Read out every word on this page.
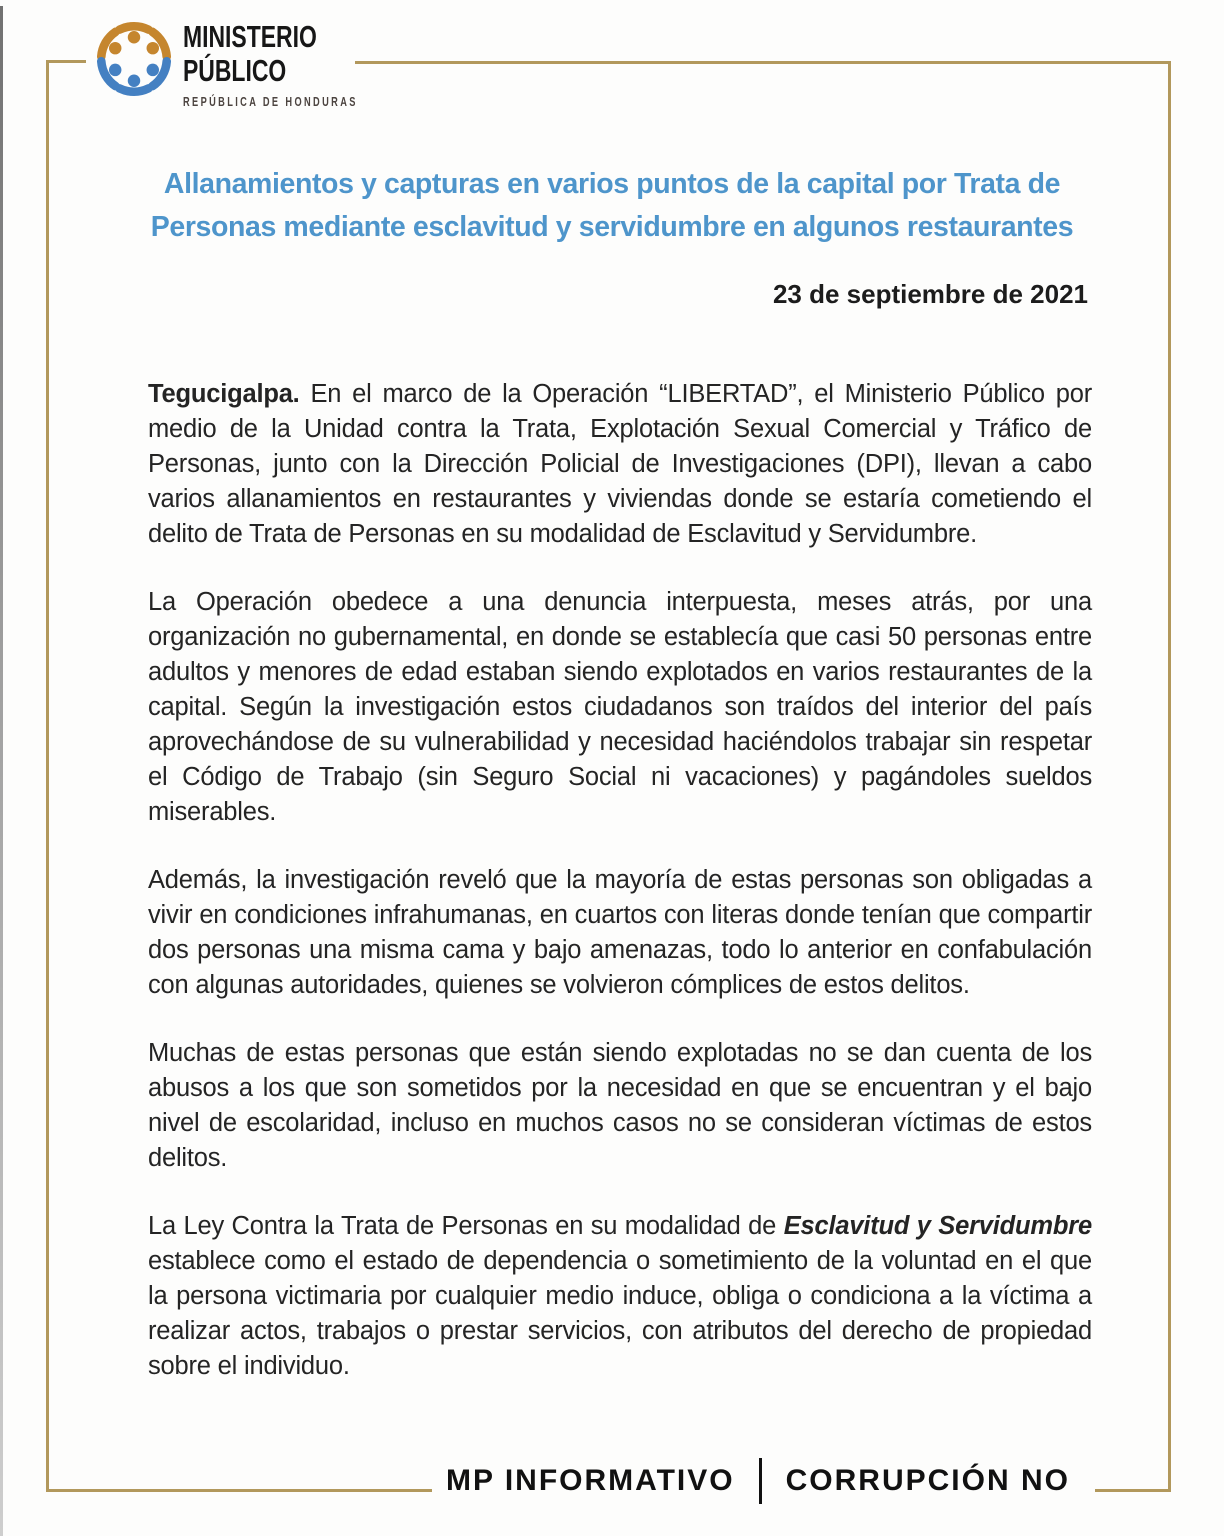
MINISTERIO
PÚBLICO
REPÚBLICA DE HONDURAS
Allanamientos y capturas en varios puntos de la capital por Trata de
Personas mediante esclavitud y servidumbre en algunos restaurantes
23 de septiembre de 2021

Tegucigalpa. En el marco de la Operación “LIBERTAD”, el Ministerio Público por medio de la Unidad contra la Trata, Explotación Sexual Comercial y Tráfico de Personas, junto con la Dirección Policial de Investigaciones (DPI), llevan a cabo varios allanamientos en restaurantes y viviendas donde se estaría cometiendo el delito de Trata de Personas en su modalidad de Esclavitud y Servidumbre.

La Operación obedece a una denuncia interpuesta, meses atrás, por una organización no gubernamental, en donde se establecía que casi 50 personas entre adultos y menores de edad estaban siendo explotados en varios restaurantes de la capital. Según la investigación estos ciudadanos son traídos del interior del país aprovechándose de su vulnerabilidad y necesidad haciéndolos trabajar sin respetar el Código de Trabajo (sin Seguro Social ni vacaciones) y pagándoles sueldos miserables.

Además, la investigación reveló que la mayoría de estas personas son obligadas a vivir en condiciones infrahumanas, en cuartos con literas donde tenían que compartir dos personas una misma cama y bajo amenazas, todo lo anterior en confabulación con algunas autoridades, quienes se volvieron cómplices de estos delitos.

Muchas de estas personas que están siendo explotadas no se dan cuenta de los abusos a los que son sometidos por la necesidad en que se encuentran y el bajo nivel de escolaridad, incluso en muchos casos no se consideran víctimas de estos delitos.

La Ley Contra la Trata de Personas en su modalidad de Esclavitud y Servidumbre establece como el estado de dependencia o sometimiento de la voluntad en el que la persona victimaria por cualquier medio induce, obliga o condiciona a la víctima a realizar actos, trabajos o prestar servicios, con atributos del derecho de propiedad sobre el individuo.

MP INFORMATIVO CORRUPCIÓN NO
